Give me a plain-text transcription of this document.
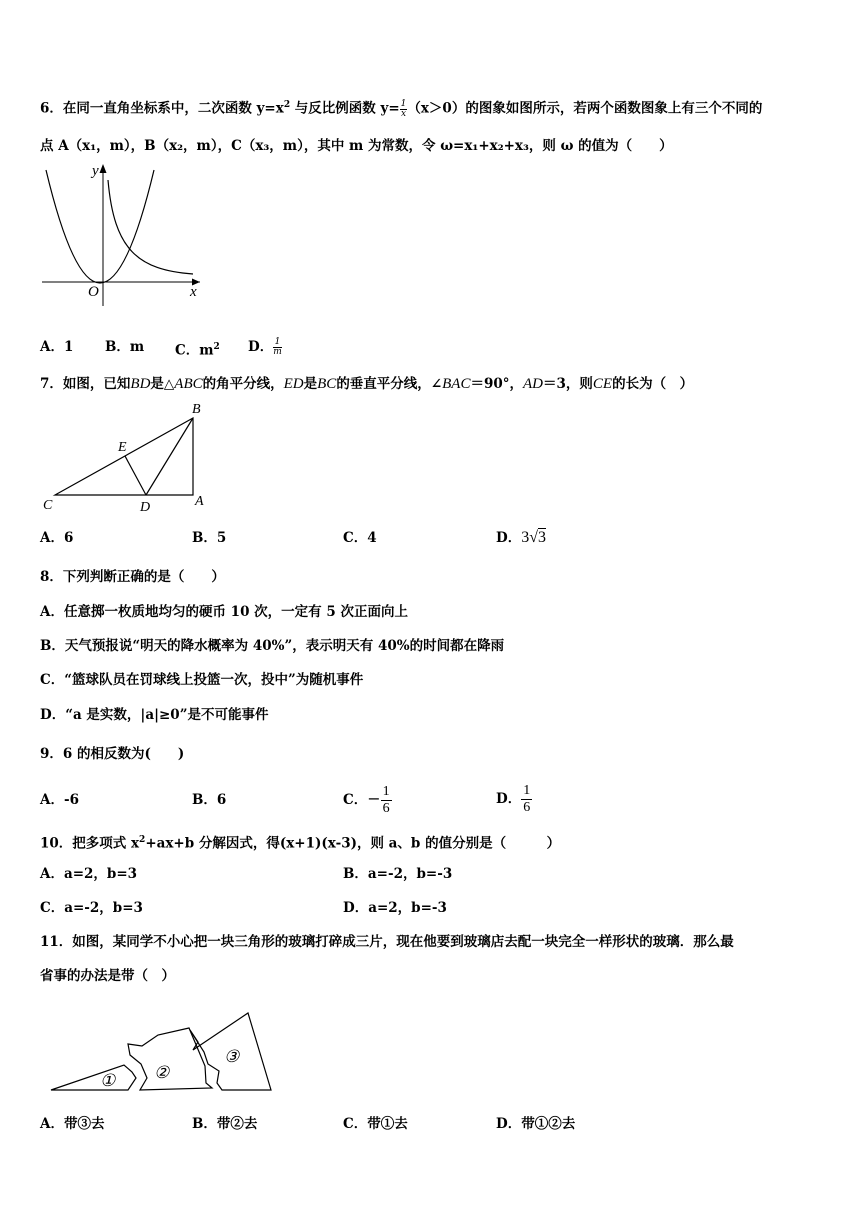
6．在同一直角坐标系中，二次函数 $y=x^2$ 与反比例函数 $y= \frac{1}{x} (x>0)$的图象如图所示，若两个函数图象上有三个不同的
点 A（x₁，m），B（x₂，m），C（x₃，m），其中 m 为常数，令 ω=x₁+x₂+x₃，则 ω 的值为（　　）
y
x
O
A．1 B．m C．$m^2$ D． $\frac{1}{m}$
7．如图，已知BD是△ABC的角平分线，ED是BC的垂直平分线，∠BAC＝90°，AD＝3，则CE的长为（　）
B
E
C	D	A
A．6	B．5	C．4	D．3√3
8．下列判断正确的是（　　）
A．任意掷一枚质地均匀的硬币 10 次，一定有 5 次正面向上
B．天气预报说“明天的降水概率为 40%”，表示明天有 40%的时间都在降雨
C．“篮球队员在罚球线上投篮一次，投中”为随机事件
D．“a 是实数，|a|≥0”是不可能事件
9．6 的相反数为(　　)
A．-6	B．6	C．− $\frac{1}{6}$	D． $\frac{1}{6}$
10．把多项式 $x^2+ax+b$ 分解因式，得(x+1)(x-3)，则 a、b 的值分别是（　　　）
A．a=2，b=3	B．a=-2，b=-3
C．a=-2，b=3	D．a=2，b=-3
11．如图，某同学不小心把一块三角形的玻璃打碎成三片，现在他要到玻璃店去配一块完全一样形状的玻璃．那么最
省事的办法是带（　）
① ②
③
A．带③去	B．带②去	C．带①去	D．带①②去
